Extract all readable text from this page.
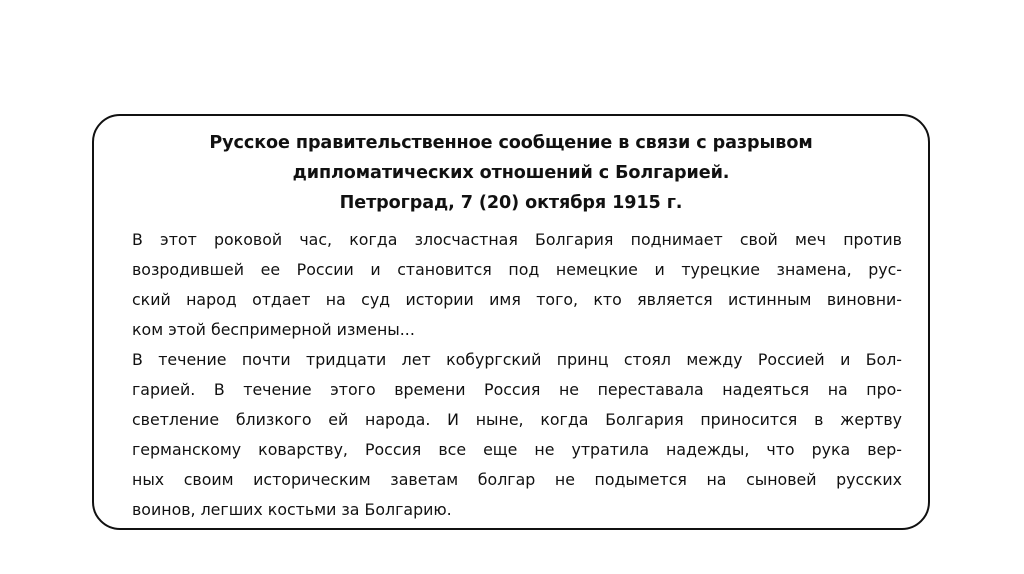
Русское правительственное сообщение в связи с разрывом
дипломатических отношений с Болгарией.
Петроград, 7 (20) октября 1915 г.
В этот роковой час, когда злосчастная Болгария поднимает свой меч против
возродившей ее России и становится под немецкие и турецкие знамена, рус-
ский народ отдает на суд истории имя того, кто является истинным виновни-
ком этой беспримерной измены...
В течение почти тридцати лет кобургский принц стоял между Россией и Бол-
гарией. В течение этого времени Россия не переставала надеяться на про-
светление близкого ей народа. И ныне, когда Болгария приносится в жертву
германскому коварству, Россия все еще не утратила надежды, что рука вер-
ных своим историческим заветам болгар не подымется на сыновей русских
воинов, легших костьми за Болгарию.
